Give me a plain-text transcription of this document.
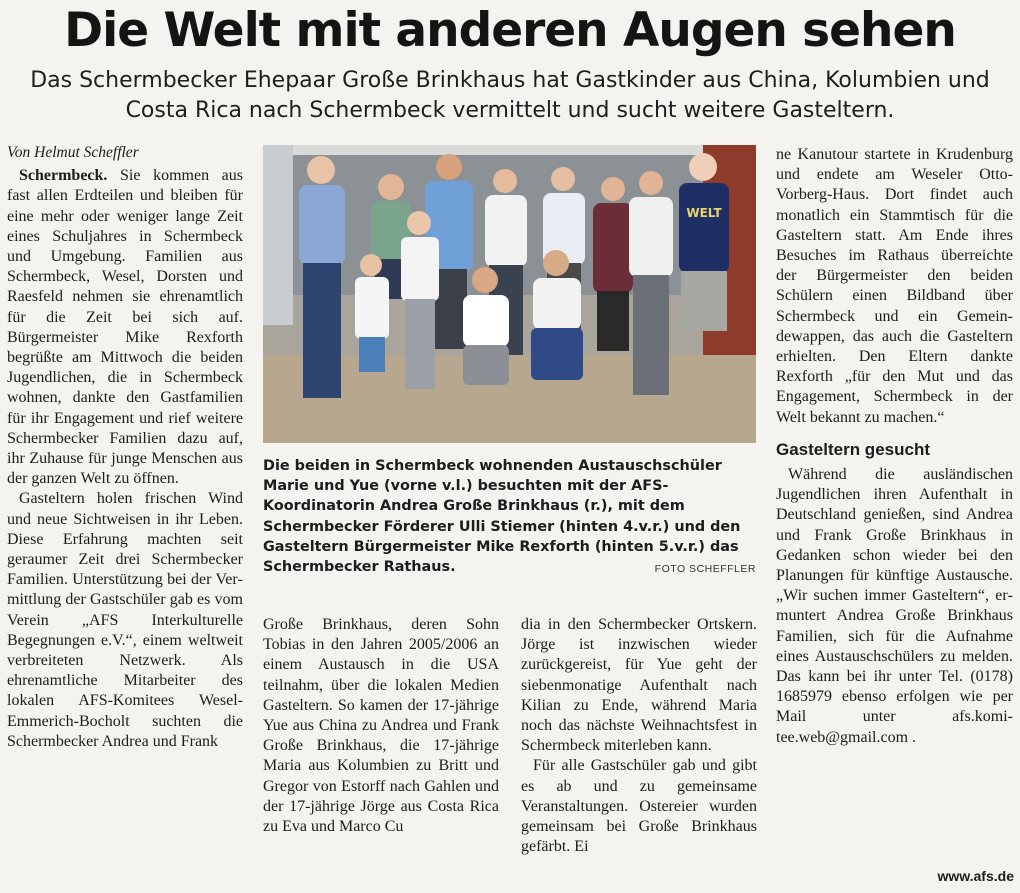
Die Welt mit anderen Augen sehen
Das Schermbecker Ehepaar Große Brinkhaus hat Gastkinder aus China, Kolumbien und Costa Rica nach Schermbeck vermittelt und sucht weitere Gasteltern.

Von Helmut Scheffler

Schermbeck. Sie kommen aus fast allen Erdteilen und bleiben für eine mehr oder weniger lange Zeit eines Schuljahres in Schermbeck und Umgebung. Familien aus Schermbeck, Wesel, Dorsten und Raesfeld nehmen sie ehrenamtlich für die Zeit bei sich auf. Bürgermeister Mike Rexforth begrüßte am Mittwoch die beiden Jugendlichen, die in Schermbeck wohnen, dankte den Gastfamilien für ihr Engagement und rief weitere Schermbecker Familien dazu auf, ihr Zuhause für junge Menschen aus der ganzen Welt zu öffnen.

Gasteltern holen frischen Wind und neue Sichtweisen in ihr Leben. Diese Erfahrung machten seit geraumer Zeit drei Schermbecker Familien. Unterstützung bei der Vermittlung der Gastschüler gab es vom Verein „AFS Interkulturelle Begegnungen e.V.“, einem weltweit verbreiteten Netzwerk. Als ehrenamtliche Mitarbeiter des lokalen AFS-Komitees Wesel-Emmerich-Bocholt suchten die Schermbecker Andrea und Frank

WELT
Die beiden in Schermbeck wohnenden Austauschschüler Marie und Yue (vorne v.l.) besuchten mit der AFS-Koordinatorin Andrea Große Brinkhaus (r.), mit dem Schermbecker Förderer Ulli Stiemer (hinten 4.v.r.) und den Gasteltern Bürgermeister Mike Rexforth (hinten 5.v.r.) das Schermbecker Rathaus.	FOTO SCHEFFLER

Große Brinkhaus, deren Sohn Tobias in den Jahren 2005/2006 an einem Austausch in die USA teilnahm, über die lokalen Medien Gasteltern. So kamen der 17-jährige Yue aus China zu Andrea und Frank Große Brinkhaus, die 17-jährige Maria aus Kolumbien zu Britt und Gregor von Estorff nach Gahlen und der 17-jährige Jörge aus Costa Rica zu Eva und Marco Cu

dia in den Schermbecker Ortskern. Jörge ist inzwischen wieder zurückgereist, für Yue geht der siebenmonatige Aufenthalt nach Kilian zu Ende, während Maria noch das nächste Weihnachtsfest in Schermbeck miterleben kann.

Für alle Gastschüler gab und gibt es ab und zu gemeinsame Veranstaltungen. Ostereier wurden gemeinsam bei Große Brinkhaus gefärbt. Ei

ne Kanutour startete in Krudenburg und endete am Weseler Otto-Vorberg-Haus. Dort findet auch monatlich ein Stammtisch für die Gasteltern statt. Am Ende ihres Besuches im Rathaus überreichte der Bürgermeister den beiden Schülern einen Bildband über Schermbeck und ein Gemeindewappen, das auch die Gasteltern erhielten. Den Eltern dankte Rexforth „für den Mut und das Engagement, Schermbeck in der Welt bekannt zu machen.“

Gasteltern gesucht

Während die ausländischen Jugendlichen ihren Aufenthalt in Deutschland genießen, sind Andrea und Frank Große Brinkhaus in Gedanken schon wieder bei den Planungen für künftige Austausche. „Wir suchen immer Gasteltern“, ermuntert Andrea Große Brinkhaus Familien, sich für die Aufnahme eines Austauschschülers zu melden. Das kann bei ihr unter Tel. (0178) 1685979 ebenso erfolgen wie per Mail unter afs.komitee.web@gmail.com .

www.afs.de
